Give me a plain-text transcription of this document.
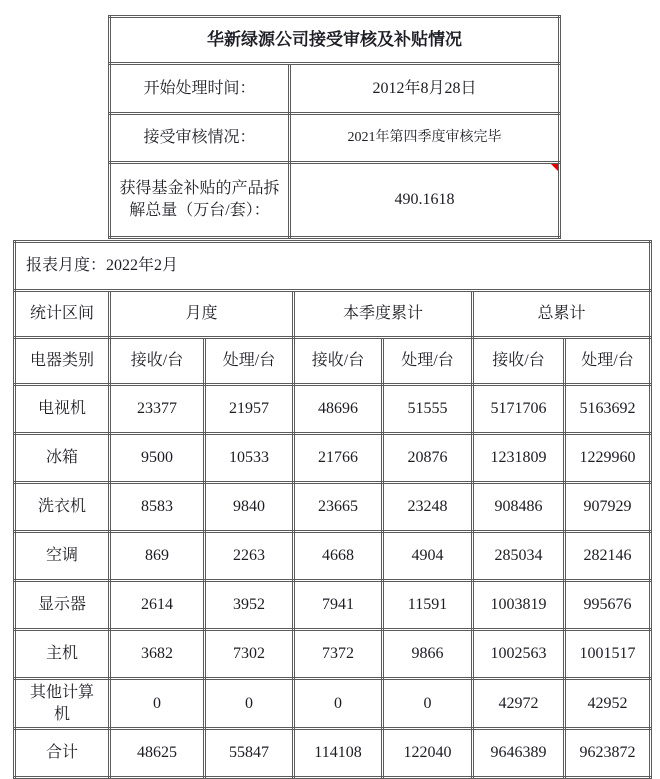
华新绿源公司接受审核及补贴情况	
开始处理时间：	2012年8月28日
接受审核情况：	2021年第四季度审核完毕
获得基金补贴的产品拆解总量（万台/套）：	490.1618
报表月度：2022年2月						
统计区间	月度		本季度累计		总累计	
电器类别	接收/台	处理/台	接收/台	处理/台	接收/台	处理/台
电视机	23377	21957	48696	51555	5171706	5163692
冰箱	9500	10533	21766	20876	1231809	1229960
洗衣机	8583	9840	23665	23248	908486	907929
空调	869	2263	4668	4904	285034	282146
显示器	2614	3952	7941	11591	1003819	995676
主机	3682	7302	7372	9866	1002563	1001517
其他计算机	0	0	0	0	42972	42952
合计	48625	55847	114108	122040	9646389	9623872
